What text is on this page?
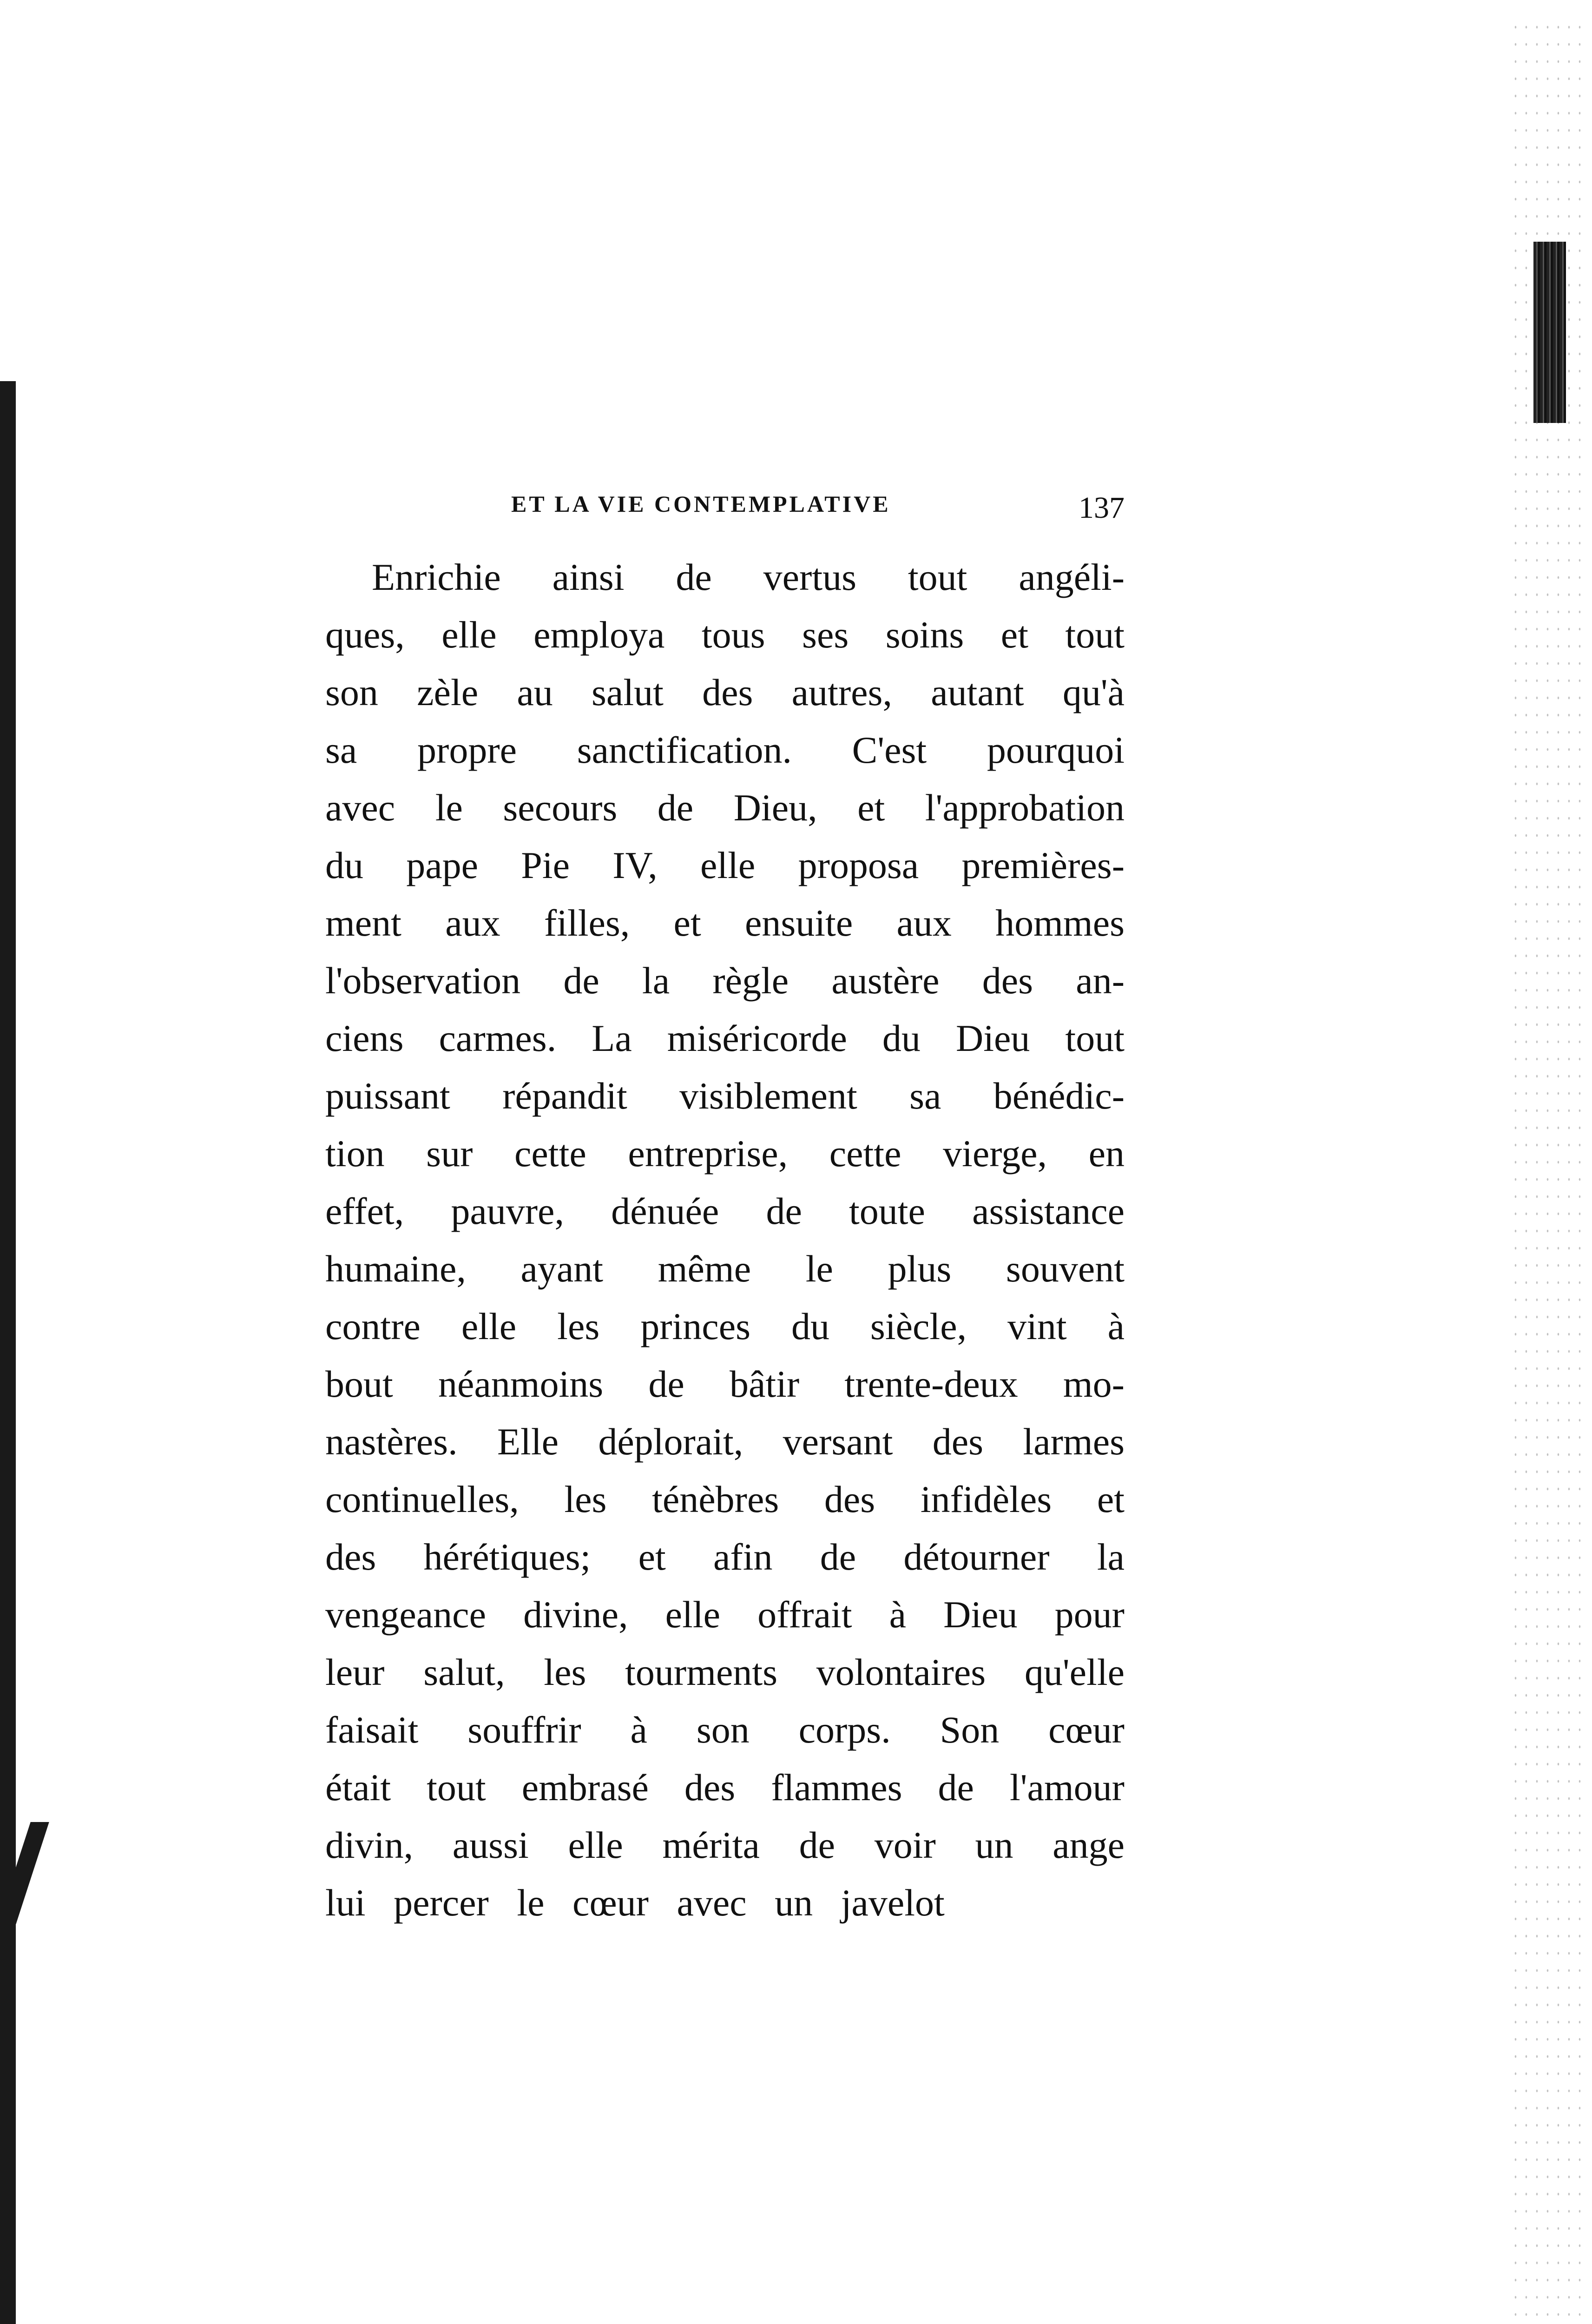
ET LA VIE CONTEMPLATIVE	137
Enrichie ainsi de vertus tout angéli-
ques, elle employa tous ses soins et tout
son zèle au salut des autres, autant qu'à
sa propre sanctification. C'est pourquoi
avec le secours de Dieu, et l'approbation
du pape Pie IV, elle proposa premières-
ment aux filles, et ensuite aux hommes
l'observation de la règle austère des an-
ciens carmes. La miséricorde du Dieu tout
puissant répandit visiblement sa bénédic-
tion sur cette entreprise, cette vierge, en
effet, pauvre, dénuée de toute assistance
humaine, ayant même le plus souvent
contre elle les princes du siècle, vint à
bout néanmoins de bâtir trente-deux mo-
nastères. Elle déplorait, versant des larmes
continuelles, les ténèbres des infidèles et
des hérétiques; et afin de détourner la
vengeance divine, elle offrait à Dieu pour
leur salut, les tourments volontaires qu'elle
faisait souffrir à son corps. Son cœur
était tout embrasé des flammes de l'amour
divin, aussi elle mérita de voir un ange
lui percer le cœur avec un javelot
